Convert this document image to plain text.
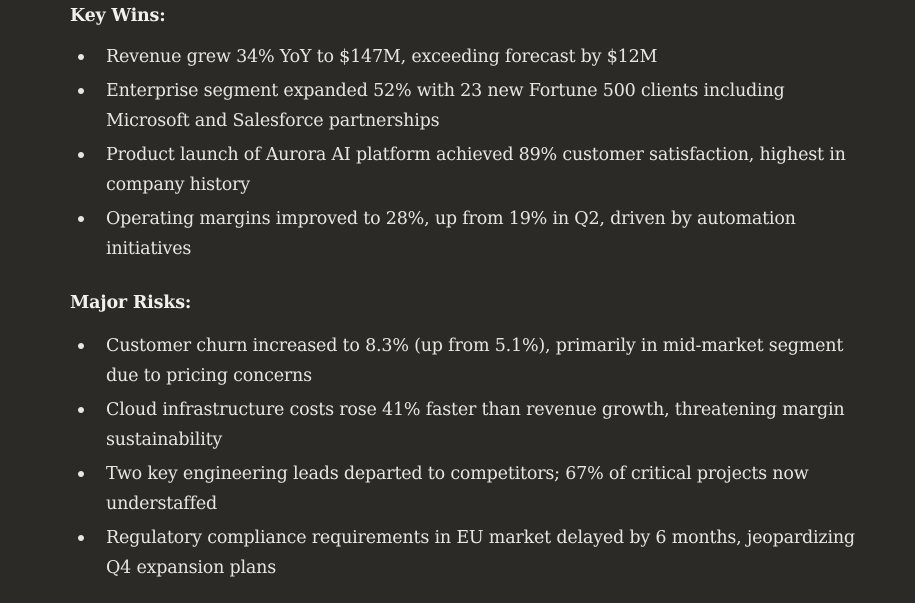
Key Wins:
Revenue grew 34% YoY to $147M, exceeding forecast by $12M
Enterprise segment expanded 52% with 23 new Fortune 500 clients including Microsoft and Salesforce partnerships
Product launch of Aurora AI platform achieved 89% customer satisfaction, highest in company history
Operating margins improved to 28%, up from 19% in Q2, driven by automation initiatives
Major Risks:
Customer churn increased to 8.3% (up from 5.1%), primarily in mid-market segment due to pricing concerns
Cloud infrastructure costs rose 41% faster than revenue growth, threatening margin sustainability
Two key engineering leads departed to competitors; 67% of critical projects now understaffed
Regulatory compliance requirements in EU market delayed by 6 months, jeopardizing Q4 expansion plans
